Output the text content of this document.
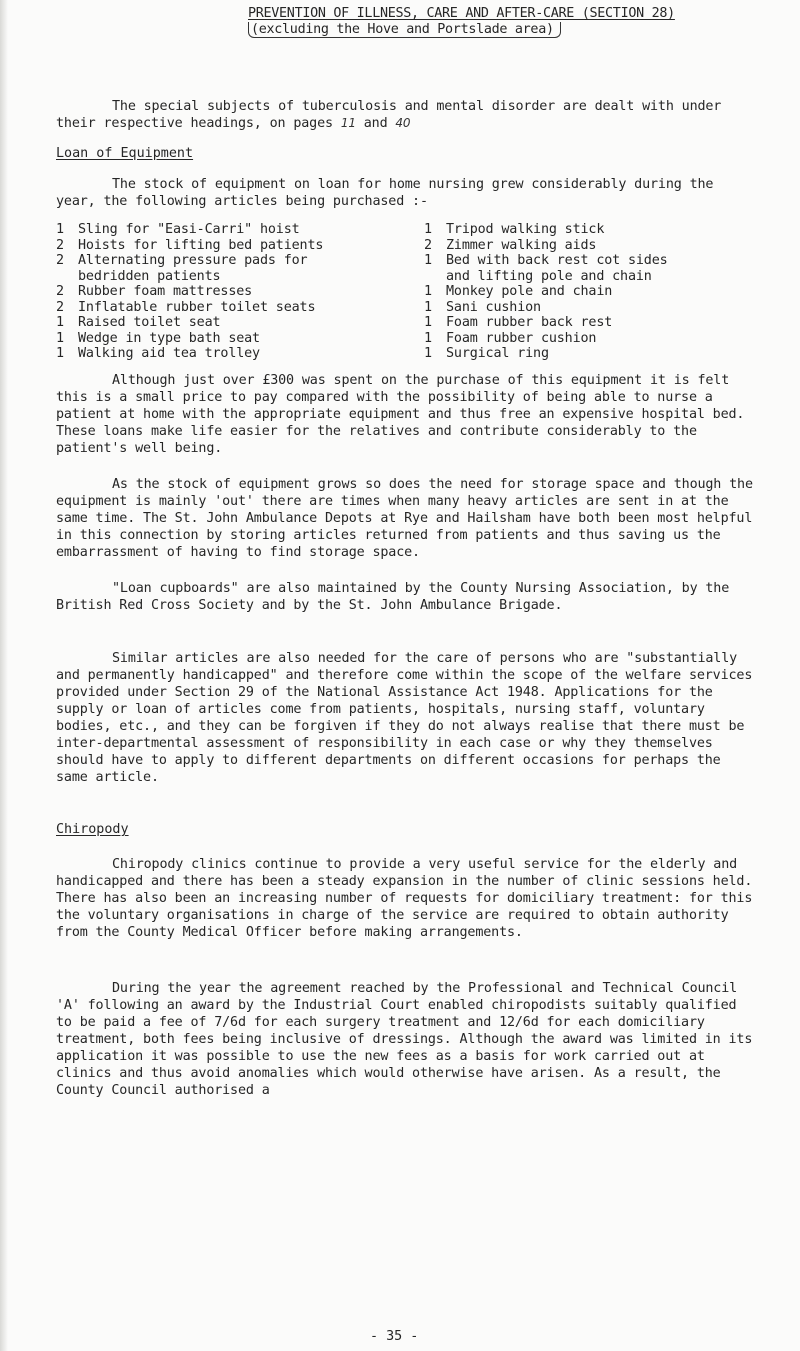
PREVENTION OF ILLNESS, CARE AND AFTER-CARE (SECTION 28)
(excluding the Hove and Portslade area)
The special subjects of tuberculosis and mental disorder are dealt with under their respective headings, on pages 11 and 40
Loan of Equipment
The stock of equipment on loan for home nursing grew considerably during the year, the following articles being purchased :-
1	Sling for "Easi-Carri" hoist
2	Hoists for lifting bed patients
2	Alternating pressure pads for
bedridden patients
2	Rubber foam mattresses
2	Inflatable rubber toilet seats
1	Raised toilet seat
1	Wedge in type bath seat
1	Walking aid tea trolley
1	Tripod walking stick
2	Zimmer walking aids
1	Bed with back rest cot sides
and lifting pole and chain
1	Monkey pole and chain
1	Sani cushion
1	Foam rubber back rest
1	Foam rubber cushion
1	Surgical ring
Although just over £300 was spent on the purchase of this equipment it is felt this is a small price to pay compared with the possibility of being able to nurse a patient at home with the appropriate equipment and thus free an expensive hospital bed. These loans make life easier for the relatives and contribute considerably to the patient's well being.
As the stock of equipment grows so does the need for storage space and though the equipment is mainly 'out' there are times when many heavy articles are sent in at the same time. The St. John Ambulance Depots at Rye and Hailsham have both been most helpful in this connection by storing articles returned from patients and thus saving us the embarrassment of having to find storage space.
"Loan cupboards" are also maintained by the County Nursing Association, by the British Red Cross Society and by the St. John Ambulance Brigade.
Similar articles are also needed for the care of persons who are "substantially and permanently handicapped" and therefore come within the scope of the welfare services provided under Section 29 of the National Assistance Act 1948. Applications for the supply or loan of articles come from patients, hospitals, nursing staff, voluntary bodies, etc., and they can be forgiven if they do not always realise that there must be inter-departmental assessment of responsibility in each case or why they themselves should have to apply to different departments on different occasions for perhaps the same article.
Chiropody
Chiropody clinics continue to provide a very useful service for the elderly and handicapped and there has been a steady expansion in the number of clinic sessions held. There has also been an increasing number of requests for domiciliary treatment: for this the voluntary organisations in charge of the service are required to obtain authority from the County Medical Officer before making arrangements.
During the year the agreement reached by the Professional and Technical Council 'A' following an award by the Industrial Court enabled chiropodists suitably qualified to be paid a fee of 7/6d for each surgery treatment and 12/6d for each domiciliary treatment, both fees being inclusive of dressings. Although the award was limited in its application it was possible to use the new fees as a basis for work carried out at clinics and thus avoid anomalies which would otherwise have arisen. As a result, the County Council authorised a
- 35 -
